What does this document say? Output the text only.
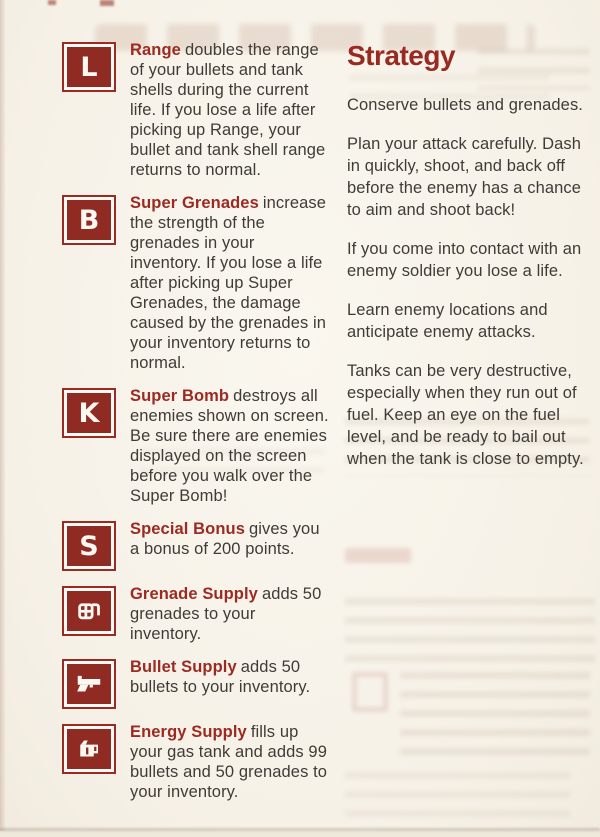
L

Range doubles the range of your bullets and tank shells during the current life. If you lose a life after picking up Range, your bullet and tank shell range returns to normal.

B

Super Grenades increase the strength of the grenades in your inventory. If you lose a life after picking up Super Grenades, the damage caused by the grenades in your inventory returns to normal.

K

Super Bomb destroys all enemies shown on screen. Be sure there are enemies displayed on the screen before you walk over the Super Bomb!

S

Special Bonus gives you a bonus of 200 points.

Grenade Supply adds 50 grenades to your inventory.

Bullet Supply adds 50 bullets to your inventory.

Energy Supply fills up your gas tank and adds 99 bullets and 50 grenades to your inventory.

Strategy

Conserve bullets and grenades.

Plan your attack carefully. Dash in quickly, shoot, and back off before the enemy has a chance to aim and shoot back!

If you come into contact with an enemy soldier you lose a life.

Learn enemy locations and anticipate enemy attacks.

Tanks can be very destructive, especially when they run out of fuel. Keep an eye on the fuel level, and be ready to bail out when the tank is close to empty.
